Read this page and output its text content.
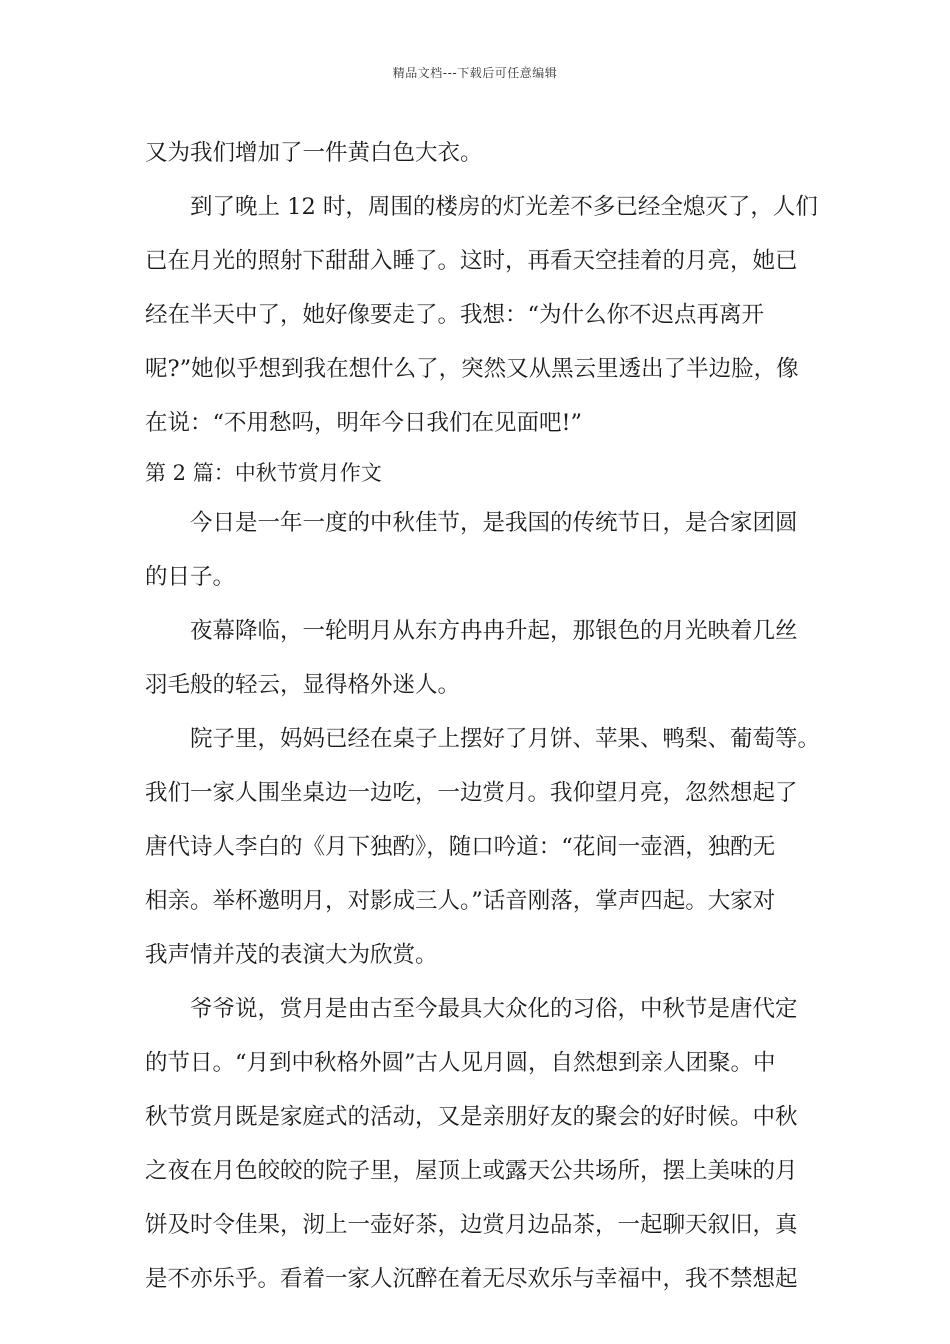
精品文档---下载后可任意编辑
又为我们增加了一件黄白色大衣。
到了晚上 12 时，周围的楼房的灯光差不多已经全熄灭了，人们
已在月光的照射下甜甜入睡了。这时，再看天空挂着的月亮，她已
经在半天中了，她好像要走了。我想：“为什么你不迟点再离开
呢?”她似乎想到我在想什么了，突然又从黑云里透出了半边脸，像
在说：“不用愁吗，明年今日我们在见面吧!”
第 2 篇：中秋节赏月作文
今日是一年一度的中秋佳节，是我国的传统节日，是合家团圆
的日子。
夜幕降临，一轮明月从东方冉冉升起，那银色的月光映着几丝
羽毛般的轻云，显得格外迷人。
院子里，妈妈已经在桌子上摆好了月饼、苹果、鸭梨、葡萄等。
我们一家人围坐桌边一边吃，一边赏月。我仰望月亮，忽然想起了
唐代诗人李白的《月下独酌》，随口吟道：“花间一壶酒，独酌无
相亲。举杯邀明月，对影成三人。”话音刚落，掌声四起。大家对
我声情并茂的表演大为欣赏。
爷爷说，赏月是由古至今最具大众化的习俗，中秋节是唐代定
的节日。“月到中秋格外圆”古人见月圆，自然想到亲人团聚。中
秋节赏月既是家庭式的活动，又是亲朋好友的聚会的好时候。中秋
之夜在月色皎皎的院子里，屋顶上或露天公共场所，摆上美味的月
饼及时令佳果，沏上一壶好茶，边赏月边品茶，一起聊天叙旧，真
是不亦乐乎。看着一家人沉醉在着无尽欢乐与幸福中，我不禁想起
